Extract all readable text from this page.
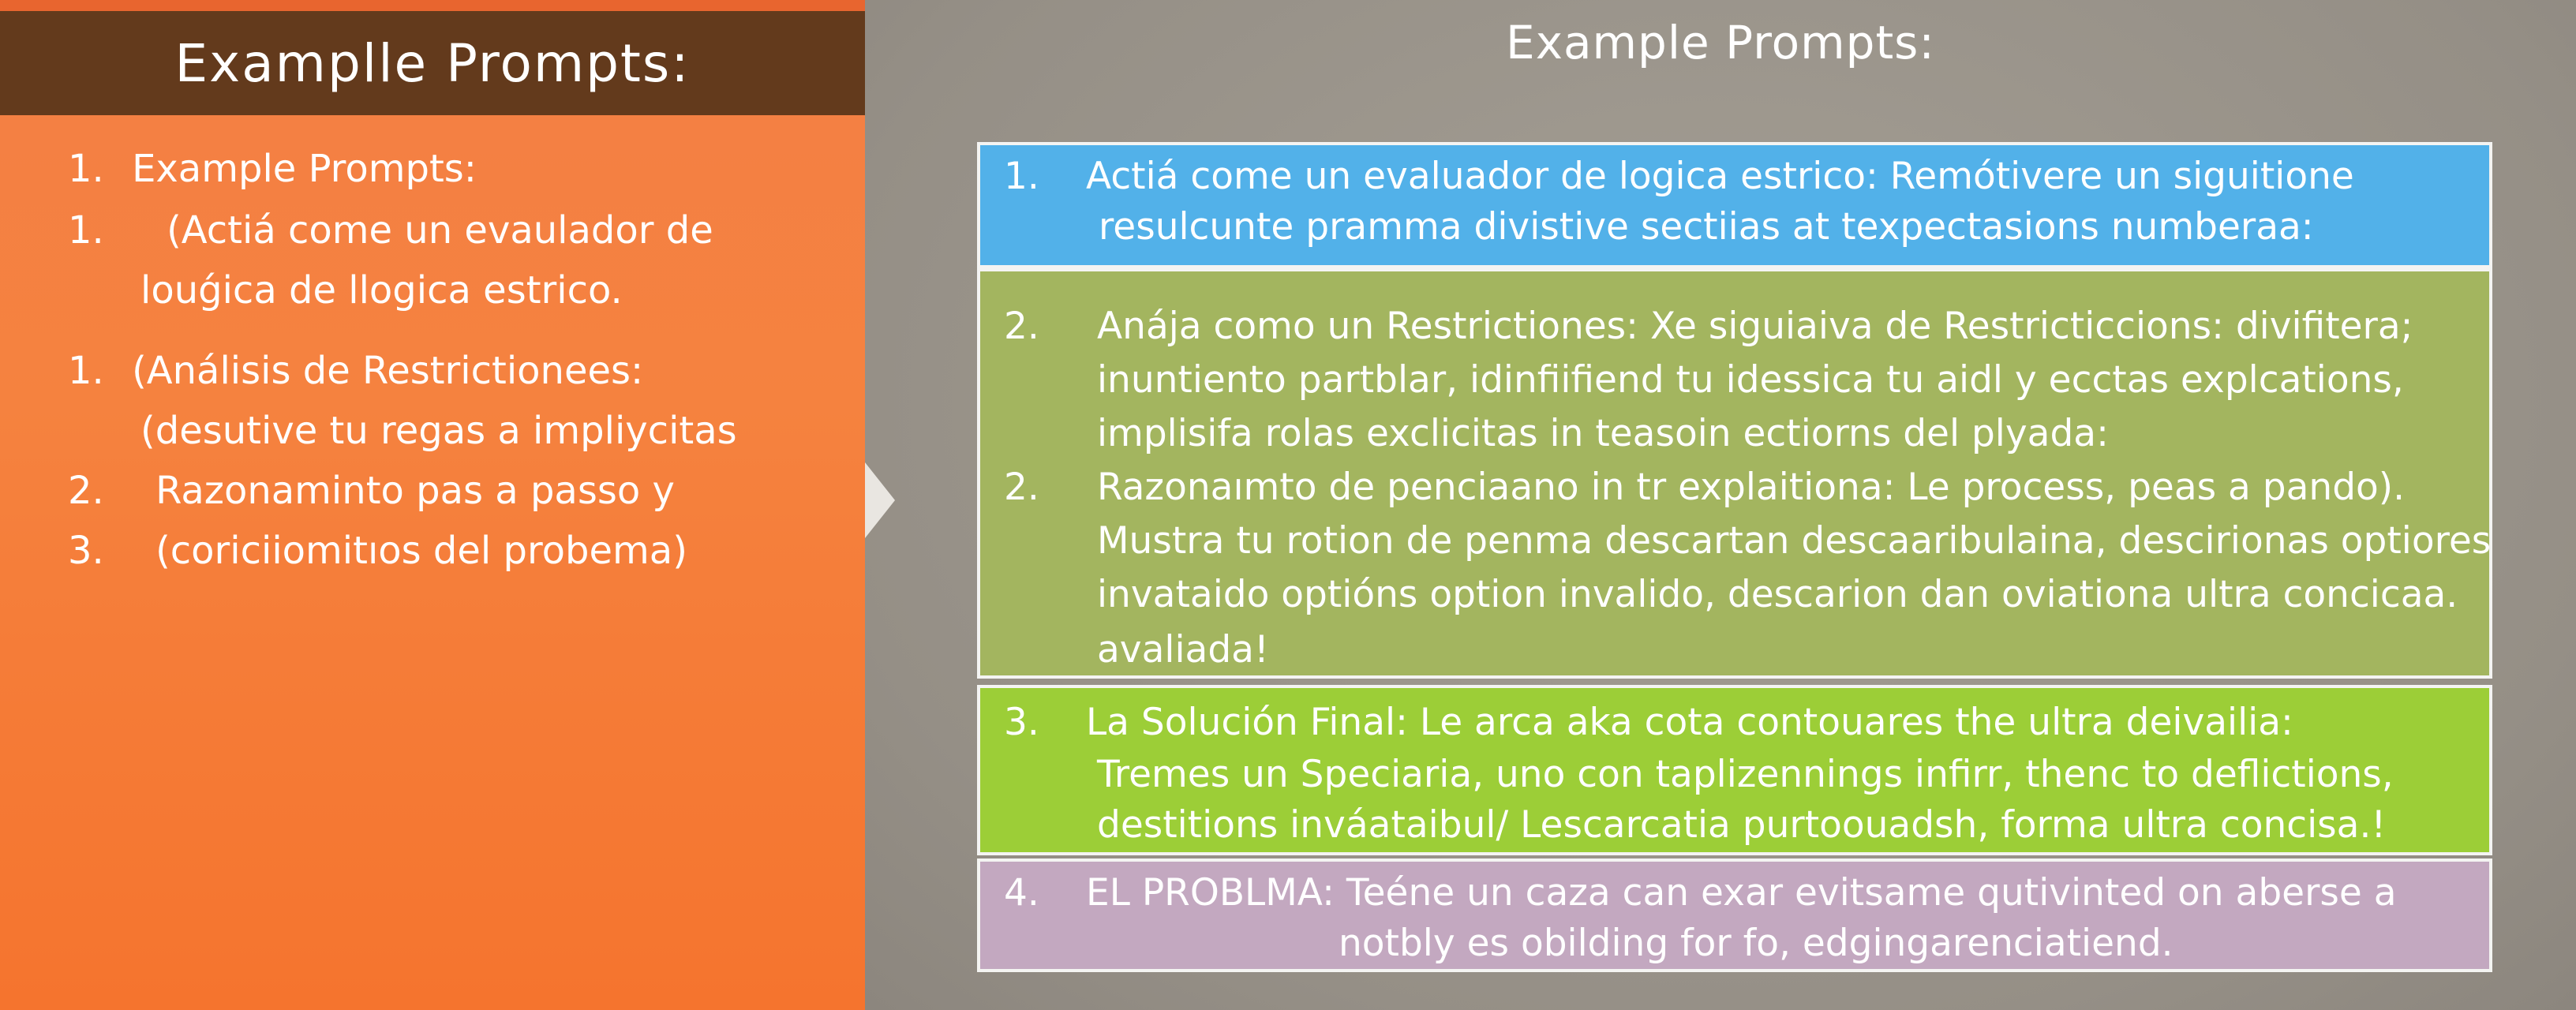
Examplle Prompts:
1. Example Prompts:
1. (Actiá come un evaulador de
louǵica de llogica estrico.
1. (Análisis de Restrictionees:
(desutive tu regas a impliycitas
2. Razonaminto pas a passo y
3. (coriciiomitıos del probema)
Example Prompts:
1. Actiá come un evaluador de logica estrico: Remótivere un siguitione
resulcunte pramma divistive sectiias at texpectasions numberaa:
2. Anája como un Restrictiones: Xe siguiaiva de Restricticcions: divifitera;
inuntiento partblar, idinfiifiend tu idessica tu aidl y ecctas explcations,
implisifa rolas exclicitas in teasoin ectiorns del plyada:
2. Razonaımto de penciaano in tr explaitiona: Le process, peas a pando).
Mustra tu rotion de penma descartan descaaribulaina, descirionas optiores
invataido optións option invalido, descarion dan oviationa ultra concicaa.
avaliada!
3. La Solución Final: Le arca aka cota contouares the ultra deivailia:
Tremes un Speciaria, uno con taplizennings infirr, thenc to deflictions,
destitions inváataibul/ Lescarcatia purtoouadsh, forma ultra concisa.!
4. EL PROBLMA: Teéne un caza can exar evitsame qutivinted on aberse a
notbly es obilding for fo, edgingarenciatiend.
